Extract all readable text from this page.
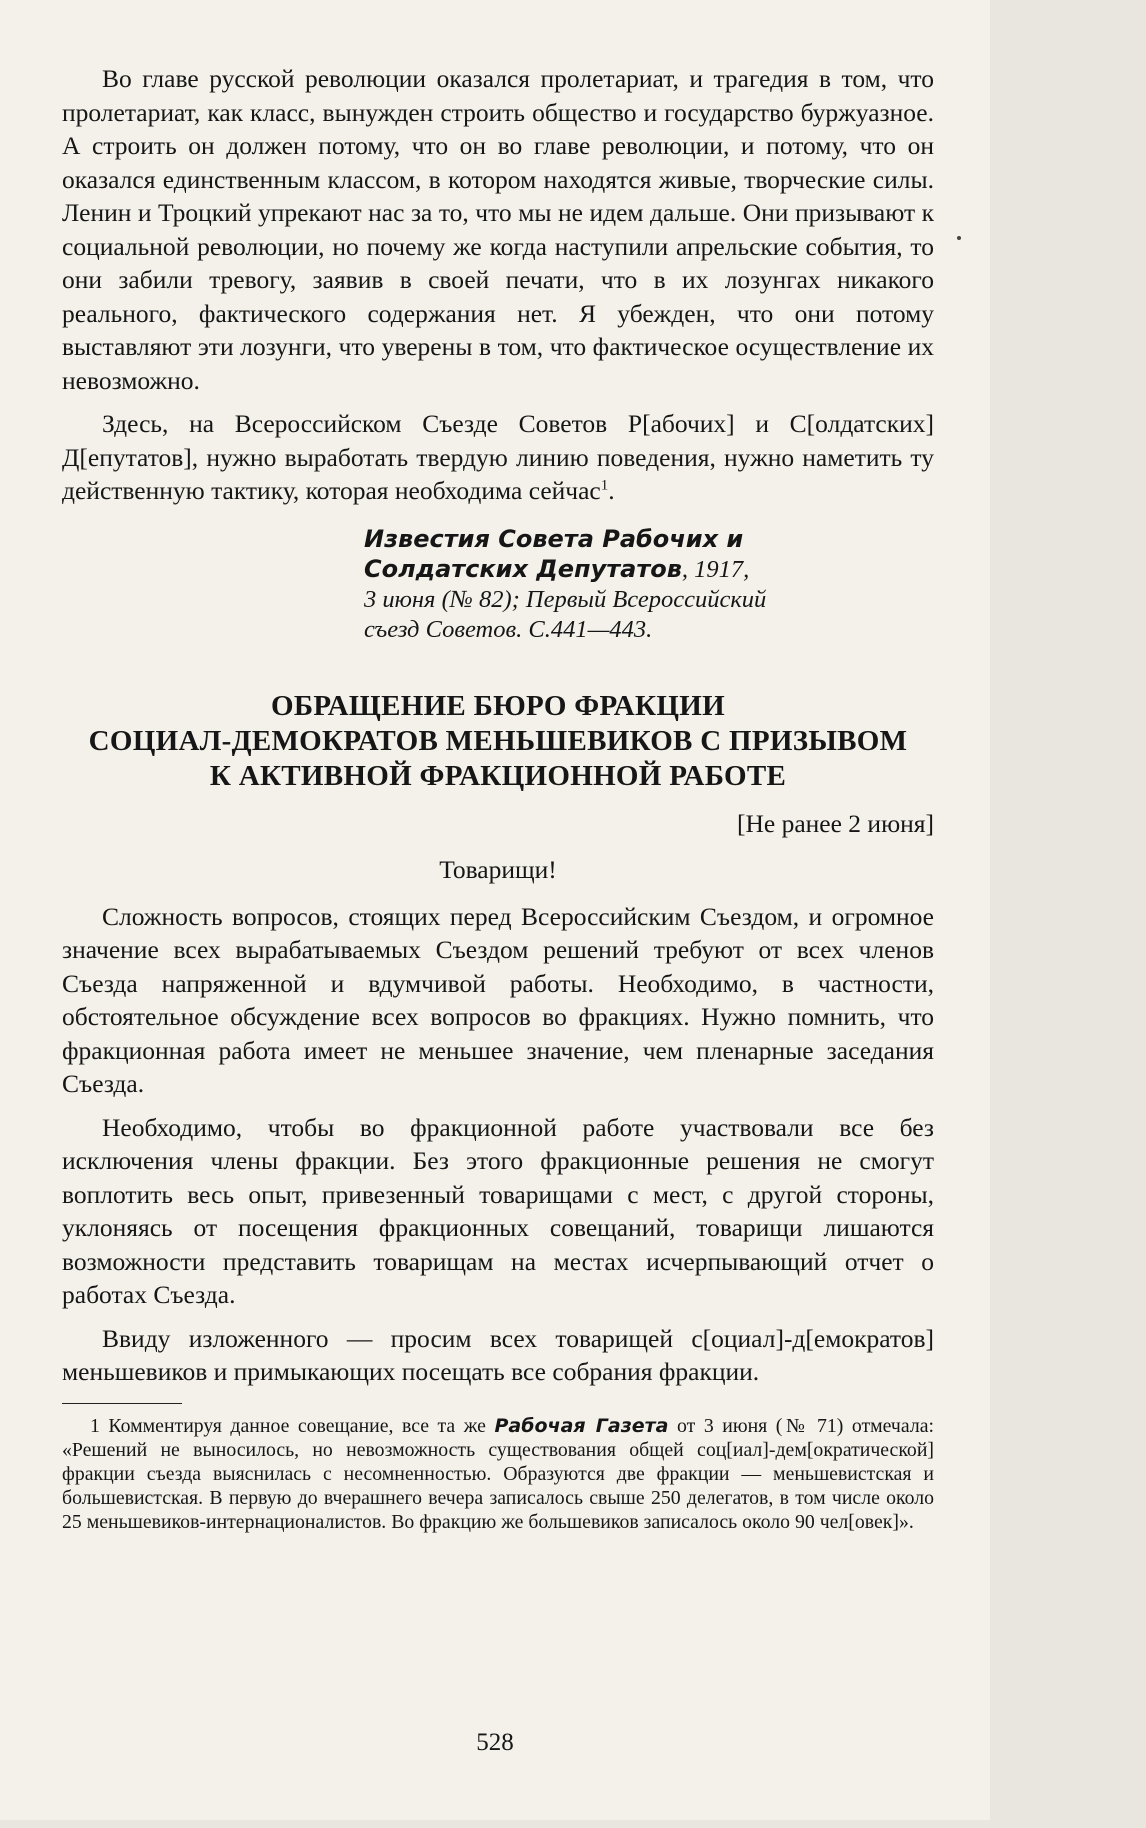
Во главе русской революции оказался пролетариат, и трагедия в том, что пролетариат, как класс, вынужден строить общество и государство буржуазное. А строить он должен потому, что он во главе революции, и потому, что он оказался единственным классом, в котором находятся живые, творческие силы. Ленин и Троцкий упрекают нас за то, что мы не идем дальше. Они призывают к социальной революции, но почему же когда наступили апрельские события, то они забили тревогу, заявив в своей печати, что в их лозунгах никакого реального, фактического содержания нет. Я убежден, что они потому выставляют эти лозунги, что уверены в том, что фактическое осуществление их невозможно.

Здесь, на Всероссийском Съезде Советов Р[абочих] и С[олдатских] Д[епутатов], нужно выработать твердую линию поведения, нужно наметить ту действенную тактику, которая необходима сейчас$^1$.

Известия Совета Рабочих и
Солдатских Депутатов, 1917,
3 июня (№ 82); Первый Всероссийский
съезд Советов. С.441—443.
ОБРАЩЕНИЕ БЮРО ФРАКЦИИ
СОЦИАЛ-ДЕМОКРАТОВ МЕНЬШЕВИКОВ С ПРИЗЫВОМ
К АКТИВНОЙ ФРАКЦИОННОЙ РАБОТЕ
[Не ранее 2 июня]
Товарищи!

Сложность вопросов, стоящих перед Всероссийским Съездом, и огромное значение всех вырабатываемых Съездом решений требуют от всех членов Съезда напряженной и вдумчивой работы. Необходимо, в частности, обстоятельное обсуждение всех вопросов во фракциях. Нужно помнить, что фракционная работа имеет не меньшее значение, чем пленарные заседания Съезда.

Необходимо, чтобы во фракционной работе участвовали все без исключения члены фракции. Без этого фракционные решения не смогут воплотить весь опыт, привезенный товарищами с мест, с другой стороны, уклоняясь от посещения фракционных совещаний, товарищи лишаются возможности представить товарищам на местах исчерпывающий отчет о работах Съезда.

Ввиду изложенного — просим всех товарищей с[оциал]-д[емократов] меньшевиков и примыкающих посещать все собрания фракции.

1 Комментируя данное совещание, все та же Рабочая Газета от 3 июня (№ 71) отмечала: «Решений не выносилось, но невозможность существования общей соц[иал]-дем[ократической] фракции съезда выяснилась с несомненностью. Образуются две фракции — меньшевистская и большевистская. В первую до вчерашнего вечера записалось свыше 250 делегатов, в том числе около 25 меньшевиков-интернационалистов. Во фракцию же большевиков записалось около 90 чел[овек]».

528
